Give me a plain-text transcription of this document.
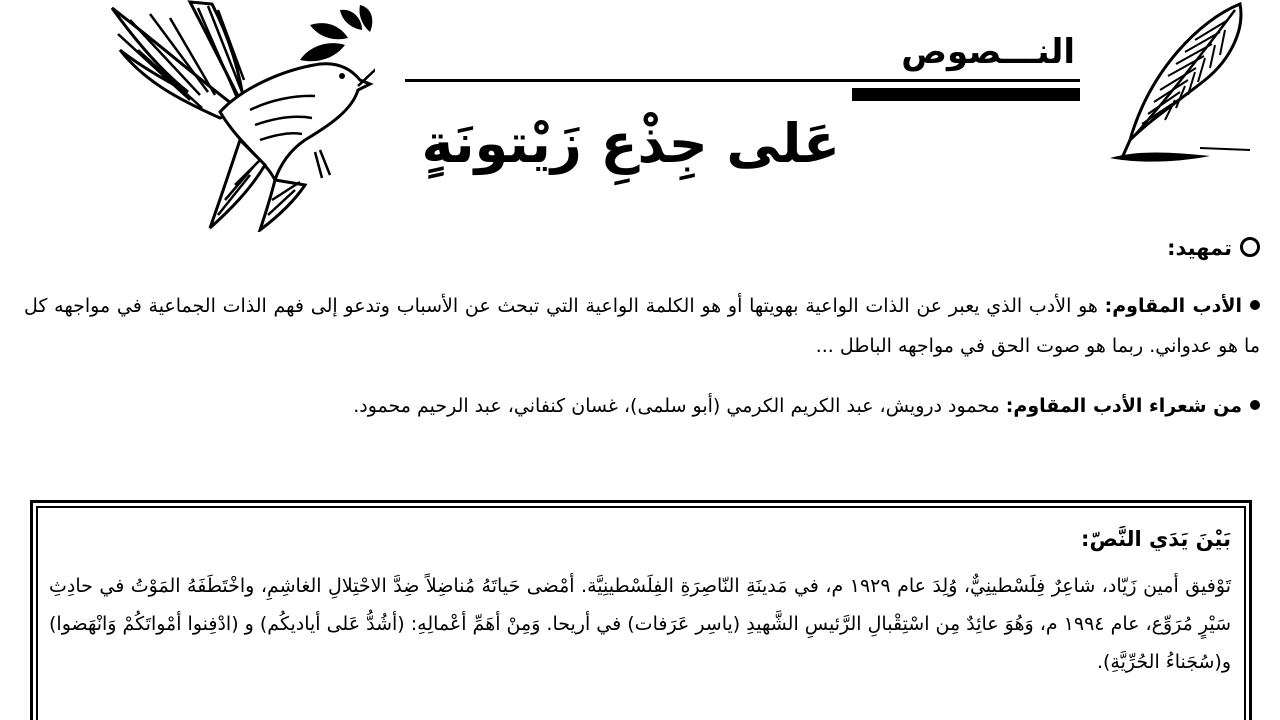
النـــصوص
عَلى جِذْعِ زَيْتونَةٍ
تمهيد:
الأدب المقاوم: هو الأدب الذي يعبر عن الذات الواعية بهويتها أو هو الكلمة الواعية التي تبحث عن الأسباب وتدعو إلى فهم الذات الجماعية في مواجهه كل ما هو عدواني. ربما هو صوت الحق في مواجهه الباطل ...
من شعراء الأدب المقاوم: محمود درويش، عبد الكريم الكرمي (أبو سلمى)، غسان كنفاني، عبد الرحيم محمود.
بَيْنَ يَدَي النَّصّ:
تَوْفيق أمين زَيّاد، شاعِرٌ فِلَسْطينِيٌّ، وُلِدَ عام ١٩٢٩ م، في مَدينَةِ النّاصِرَةِ الفِلَسْطينِيَّة. أمْضى حَياتَهُ مُناضِلاً ضِدَّ الاحْتِلالِ الغاشِمِ، واخْتَطَفَهُ المَوْتُ في حادِثِ سَيْرٍ مُرَوِّع، عام ١٩٩٤ م، وَهُوَ عائِدٌ مِن اسْتِقْبالِ الرَّئيسِ الشَّهيدِ (ياسِر عَرَفات) في أريحا. وَمِنْ أهَمِّ أعْمالِهِ: (أشُدُّ عَلى أياديكُم) و (ادْفِنوا أمْواتَكُمْ وَانْهَضوا) و(سُجَناءُ الحُرِّيَّةِ).
